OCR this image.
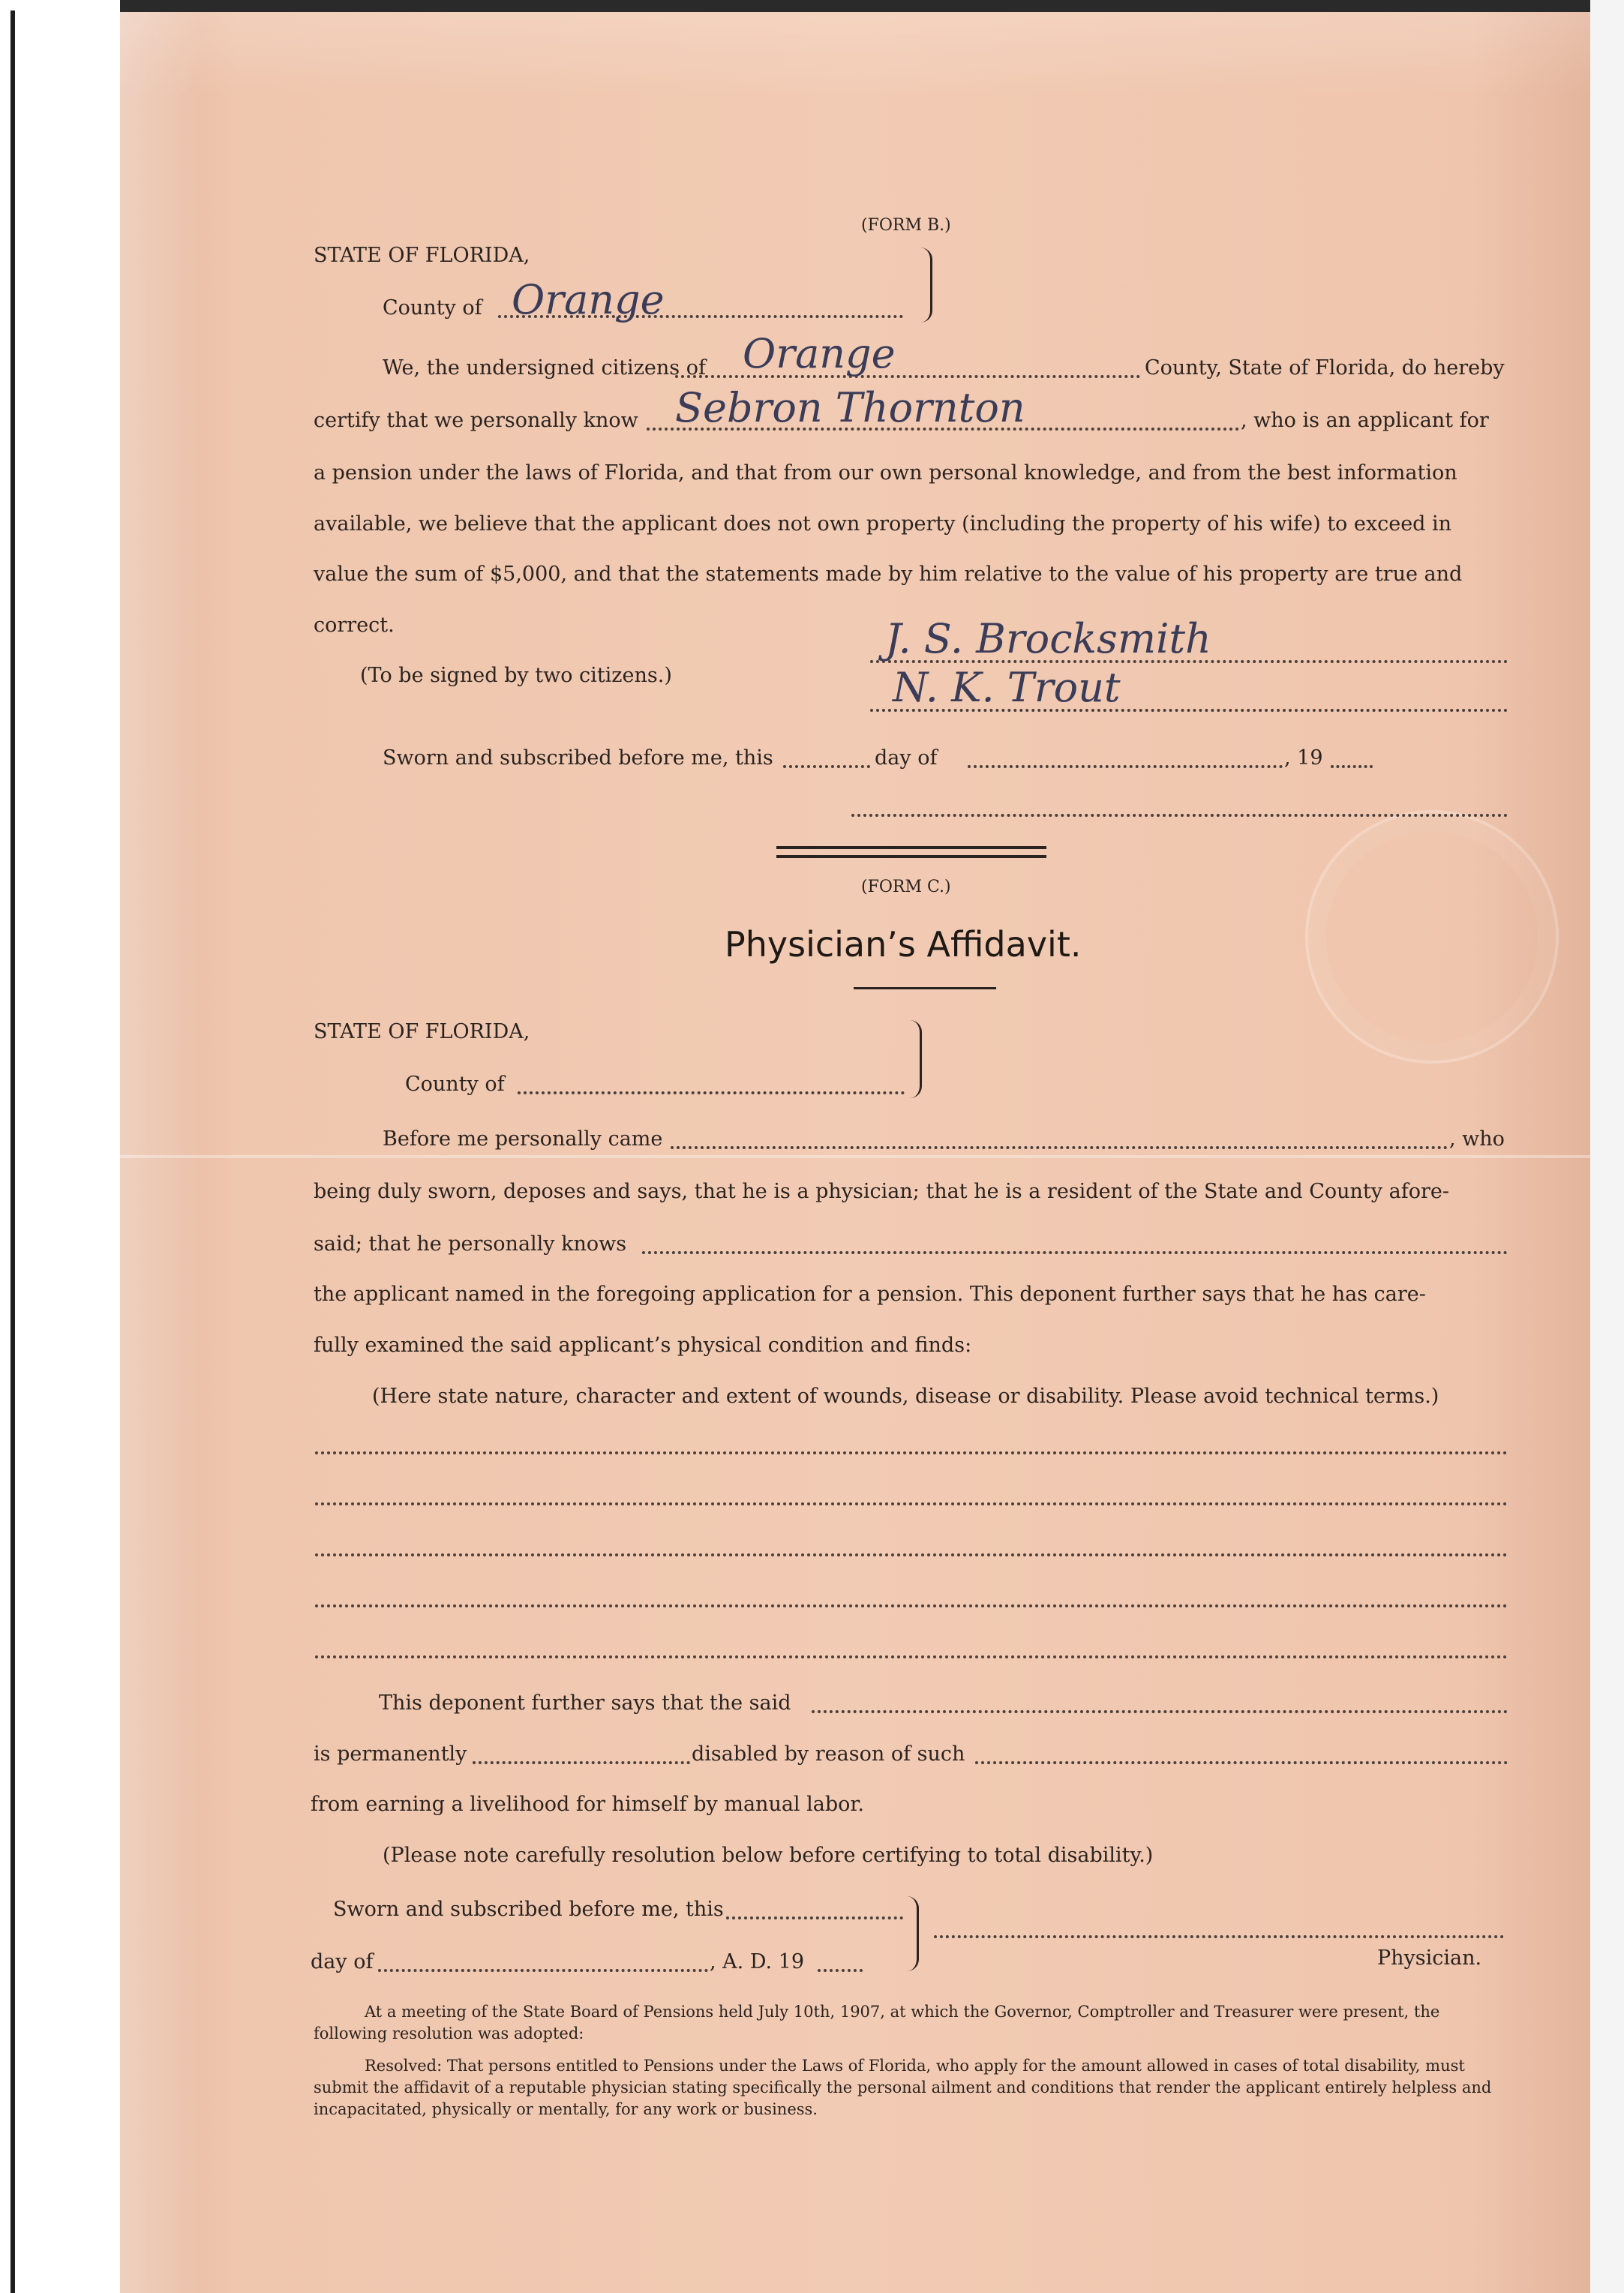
(FORM B.)
STATE OF FLORIDA,
County of Orange
We, the undersigned citizens of Orange	County, State of Florida, do hereby
certify that we personally know Sebron Thornton	, who is an applicant for
a pension under the laws of Florida, and that from our own personal knowledge, and from the best information
available, we believe that the applicant does not own property (including the property of his wife) to exceed in
value the sum of $5,000, and that the statements made by him relative to the value of his property are true and
correct.	J. S. Brocksmith
(To be signed by two citizens.)	N. K. Trout
Sworn and subscribed before me, this	day of	, 19
(FORM C.)
Physician’s Affidavit.
STATE OF FLORIDA,
County of
Before me personally came	, who
being duly sworn, deposes and says, that he is a physician; that he is a resident of the State and County afore-
said; that he personally knows
the applicant named in the foregoing application for a pension. This deponent further says that he has care-
fully examined the said applicant’s physical condition and finds:
(Here state nature, character and extent of wounds, disease or disability. Please avoid technical terms.)
This deponent further says that the said
is permanently	disabled by reason of such
from earning a livelihood for himself by manual labor.
(Please note carefully resolution below before certifying to total disability.)
Sworn and subscribed before me, this
day of	, A. D. 19	Physician.
At a meeting of the State Board of Pensions held July 10th, 1907, at which the Governor, Comptroller and Treasurer were present, the following resolution was adopted:
Resolved: That persons entitled to Pensions under the Laws of Florida, who apply for the amount allowed in cases of total disability, must submit the affidavit of a reputable physician stating specifically the personal ailment and conditions that render the applicant entirely helpless and incapacitated, physically or mentally, for any work or business.
